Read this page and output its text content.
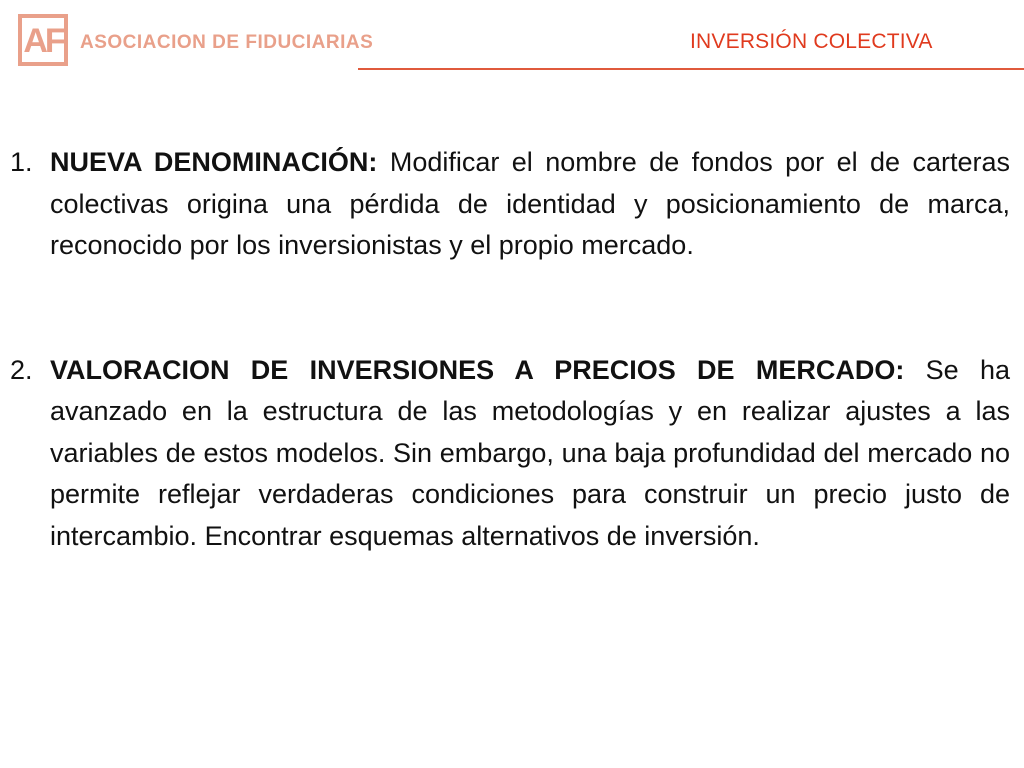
AF ASOCIACION DE FIDUCIARIAS	INVERSIÓN COLECTIVA
1. NUEVA DENOMINACIÓN: Modificar el nombre de fondos por el de carteras colectivas origina una pérdida de identidad y posicionamiento de marca, reconocido por los inversionistas y el propio mercado.
2. VALORACION DE INVERSIONES A PRECIOS DE MERCADO: Se ha avanzado en la estructura de las metodologías y en realizar ajustes a las variables de estos modelos. Sin embargo, una baja profundidad del mercado no permite reflejar verdaderas condiciones para construir un precio justo de intercambio. Encontrar esquemas alternativos de inversión.
